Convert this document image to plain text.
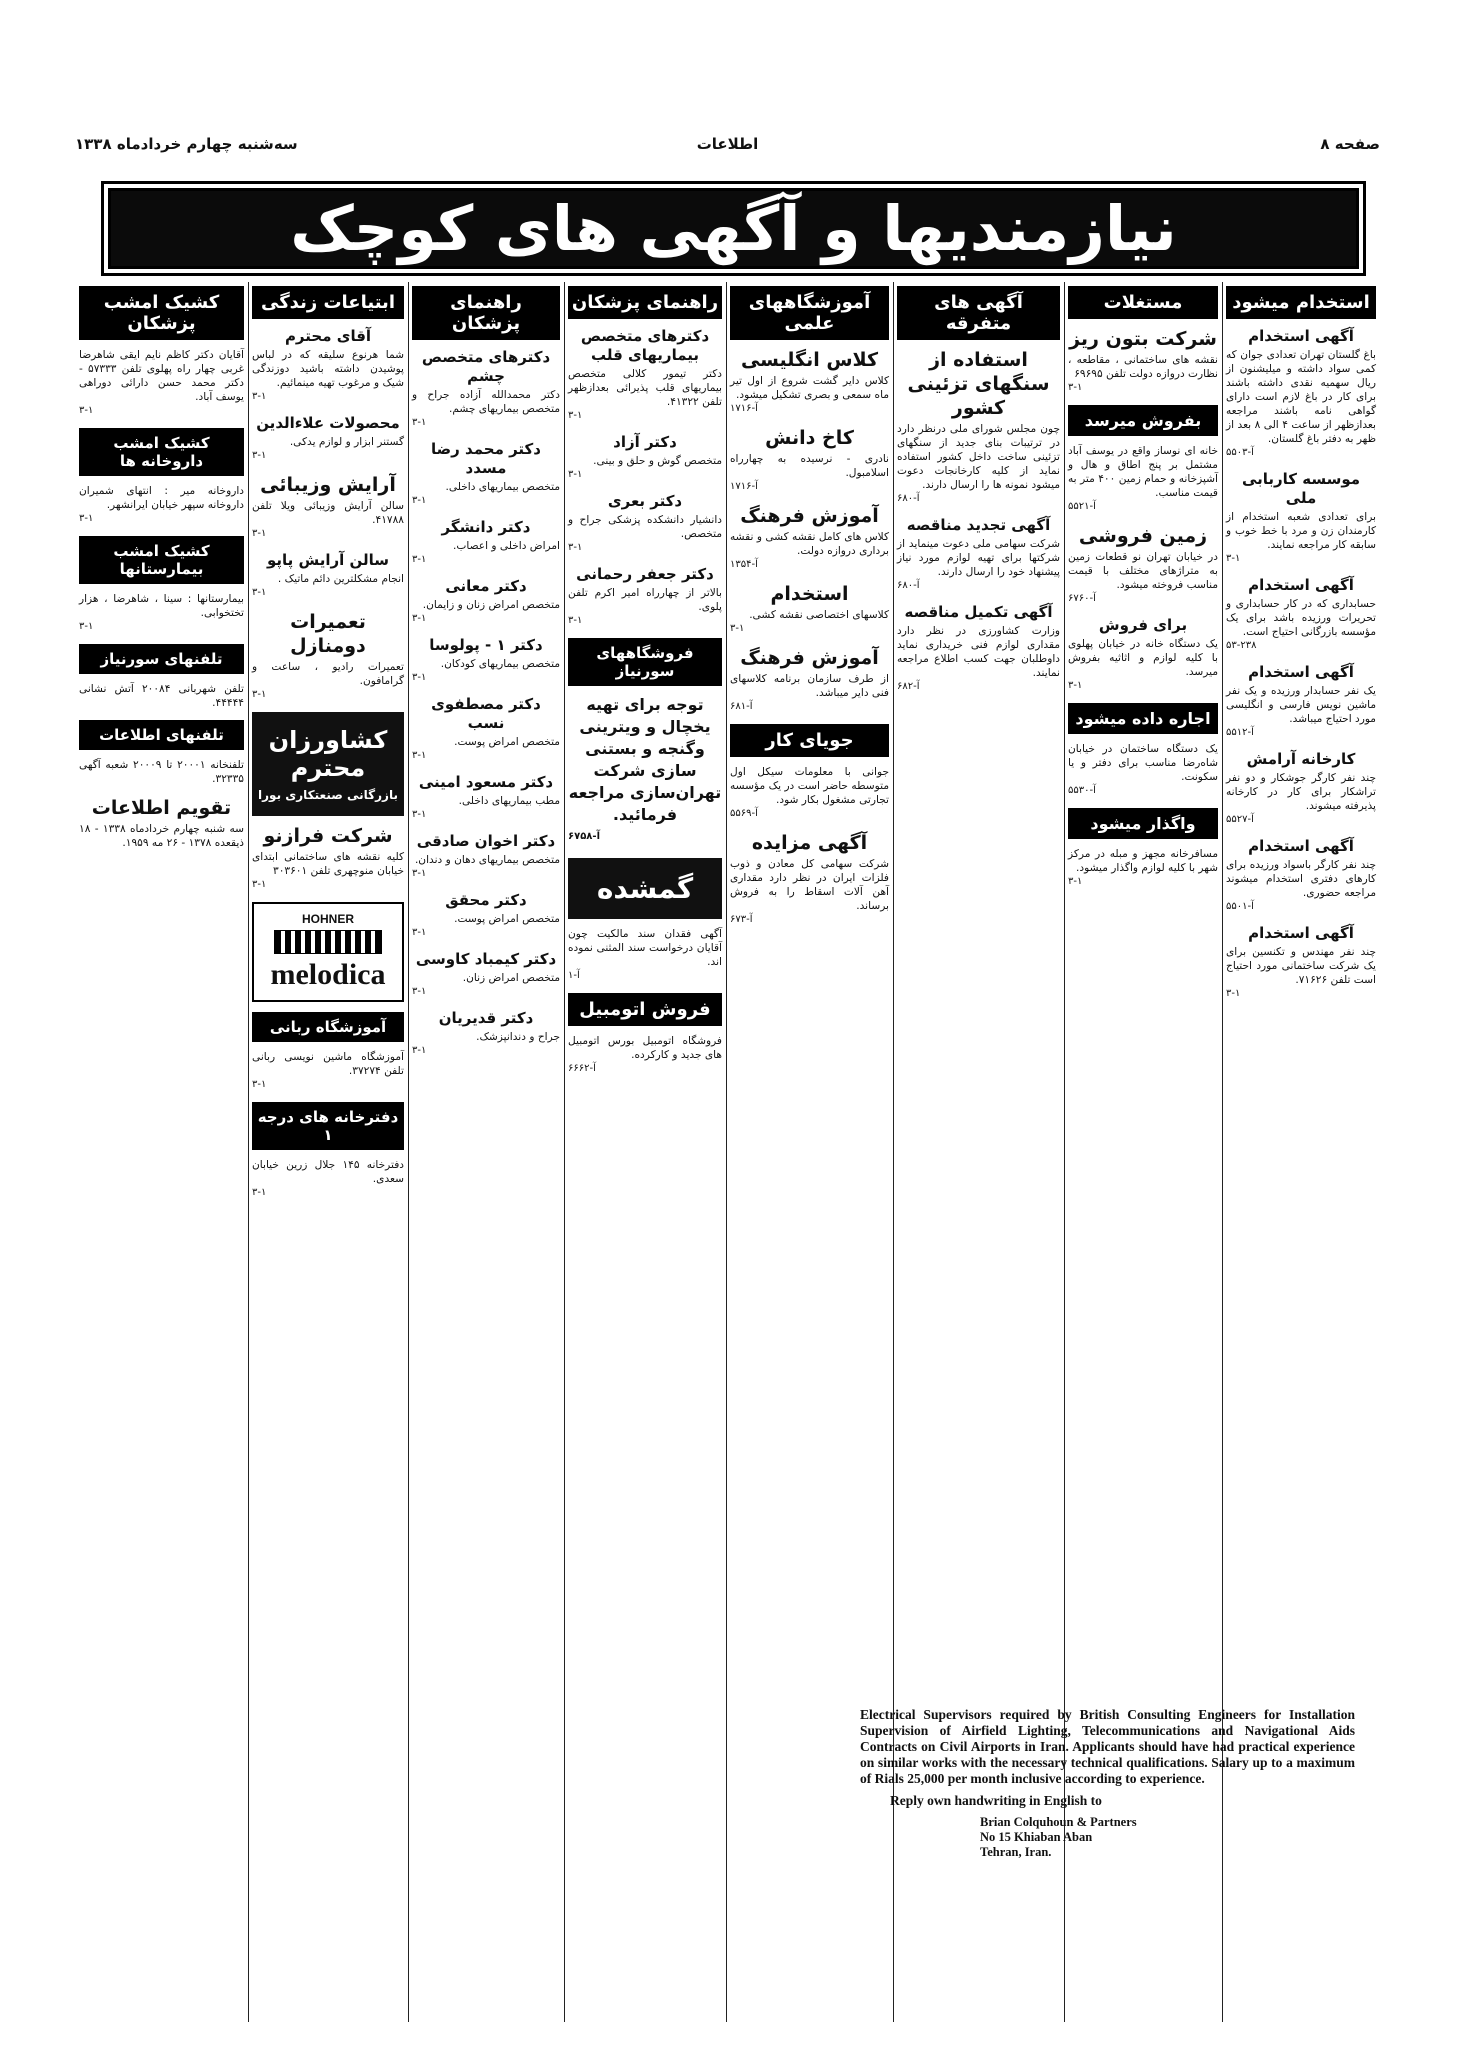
صفحه ۸
اطلاعات
سه‌شنبه چهارم خردادماه ۱۳۳۸
نیازمندیها و آگهی های کوچک
استخدام میشود
آگهی استخدام
باغ گلستان تهران تعدادی جوان که کمی سواد داشته و میلیشنون از ریال سهمیه نقدی داشته باشند برای کار در باغ لازم است دارای گواهی نامه باشند مراجعه بعدازظهر از ساعت ۴ الی ۸ بعد از ظهر به دفتر باغ گلستان.
آ-۵۵۰۳
موسسه کاربابی ملی
برای تعدادی شعبه استخدام از کارمندان زن و مرد با خط خوب و سابقه کار مراجعه نمایند.
۳-۱
آگهی استخدام
حسابداری که در کار حسابداری و تحریرات ورزیده باشد برای یک مؤسسه بازرگانی احتیاج است.
۵۳-۲۳۸
آگهی استخدام
یک نفر حسابدار ورزیده و یک نفر ماشین نویس فارسی و انگلیسی مورد احتیاج میباشد.
آ-۵۵۱۲
کارخانه آرامش
چند نفر کارگر جوشکار و دو نفر تراشکار برای کار در کارخانه پذیرفته میشوند.
آ-۵۵۲۷
آگهی استخدام
چند نفر کارگر باسواد ورزیده برای کارهای دفتری استخدام میشوند مراجعه حضوری.
آ-۵۵۰۱
آگهی استخدام
چند نفر مهندس و تکنسین برای یک شرکت ساختمانی مورد احتیاج است تلفن ۷۱۶۲۶.
۳-۱
مستغلات
شرکت بتون ریز
نقشه های ساختمانی ، مقاطعه ، نظارت دروازه دولت تلفن ۶۹۶۹۵
۳-۱
بفروش میرسد
خانه ای نوساز واقع در یوسف آباد مشتمل بر پنج اطاق و هال و آشپزخانه و حمام زمین ۴۰۰ متر به قیمت مناسب.
آ-۵۵۲۱
زمین فروشی
در خیابان تهران نو قطعات زمین به متراژهای مختلف با قیمت مناسب فروخته میشود.
آ-۶۷۶۰
برای فروش
یک دستگاه خانه در خیابان پهلوی با کلیه لوازم و اثاثیه بفروش میرسد.
۳-۱
اجاره داده میشود
یک دستگاه ساختمان در خیابان شاه‌رضا مناسب برای دفتر و یا سکونت.
آ-۵۵۳۰
واگذار میشود
مسافرخانه مجهز و مبله در مرکز شهر با کلیه لوازم واگذار میشود.
۳-۱
آگهی های متفرقه
استفاده از سنگهای تزئینی کشور
چون مجلس شورای ملی درنظر دارد در ترتیبات بنای جدید از سنگهای تزئینی ساخت داخل کشور استفاده نماید از کلیه کارخانجات دعوت میشود نمونه ها را ارسال دارند.
آ-۶۸۰
آگهی تجدید مناقصه
شرکت سهامی ملی دعوت مینماید از شرکتها برای تهیه لوازم مورد نیاز پیشنهاد خود را ارسال دارند.
آ-۶۸۰
آگهی تکمیل مناقصه
وزارت کشاورزی در نظر دارد مقداری لوازم فنی خریداری نماید داوطلبان جهت کسب اطلاع مراجعه نمایند.
آ-۶۸۲
آموزشگاههای علمی
کلاس انگلیسی
کلاس دایر گشت شروع از اول تیر ماه سمعی و بصری تشکیل میشود.
آ-۱۷۱۶
کاخ دانش
نادری - نرسیده به چهارراه اسلامبول.
آ-۱۷۱۶
آموزش فرهنگ
کلاس های کامل نقشه کشی و نقشه برداری دروازه دولت.
آ-۱۳۵۴
استخدام
کلاسهای اختصاصی نقشه کشی.
۳-۱
آموزش فرهنگ
از طرف سازمان برنامه کلاسهای فنی دایر میباشد.
آ-۶۸۱
جویای کار
جوانی با معلومات سیکل اول متوسطه حاضر است در یک مؤسسه تجارتی مشغول بکار شود.
آ-۵۵۶۹
آگهی مزایده
شرکت سهامی کل معادن و ذوب فلزات ایران در نظر دارد مقداری آهن آلات اسقاط را به فروش برساند.
آ-۶۷۳
راهنمای پزشکان
دکترهای متخصص بیماریهای قلب
دکتر تیمور کلالی متخصص بیماریهای قلب پذیرائی بعدازظهر تلفن ۴۱۳۲۲.
۳-۱
دکتر آزاد
متخصص گوش و حلق و بینی.
۳-۱
دکتر بعری
دانشیار دانشکده پزشکی جراح و متخصص.
۳-۱
دکتر جعفر رحمانی
بالاتر از چهارراه امیر اکرم تلفن پلوی.
۳-۱
فروشگاههای سورنیاز
توجه برای تهیه یخچال و ویترینی وگنجه و بستنی سازی شرکت تهران‌سازی مراجعه فرمائید.
آ-۶۷۵۸
گمشده
آگهی فقدان سند مالکیت چون آقایان درخواست سند المثنی نموده اند.
آ-۱
فروش اتومبیل
فروشگاه اتومبیل بورس اتومبیل های جدید و کارکرده.
آ-۶۶۶۲
راهنمای پزشکان
دکترهای متخصص چشم
دکتر محمدالله آزاده جراح و متخصص بیماریهای چشم.
۳-۱
دکتر محمد رضا مسدد
متخصص بیماریهای داخلی.
۳-۱
دکتر دانشگر
امراض داخلی و اعصاب.
۳-۱
دکتر معانی
متخصص امراض زنان و زایمان.
۳-۱
دکتر ۱ - پولوسا
متخصص بیماریهای کودکان.
۳-۱
دکتر مصطفوی نسب
متخصص امراض پوست.
۳-۱
دکتر مسعود امینی
مطب بیماریهای داخلی.
۳-۱
دکتر اخوان صادقی
متخصص بیماریهای دهان و دندان.
۳-۱
دکتر محقق
متخصص امراض پوست.
۳-۱
دکتر کیمباد کاوسی
متخصص امراض زنان.
۳-۱
دکتر قدیریان
جراح و دندانپزشک.
۳-۱
ابتیاعات زندگی
آقای محترم
شما هرنوع سلیقه که در لباس پوشیدن داشته باشید دوزندگی شیک و مرغوب تهیه مینمائیم.
۳-۱
محصولات علاءالدین
گستنر ابزار و لوازم یدکی.
۳-۱
آرایش وزیبائی
سالن آرایش وزیبائی ویلا تلفن ۴۱۷۸۸.
۳-۱
سالن آرایش پاپو
انجام مشکلترین دائم ماتیک .
۳-۱
تعمیرات دومنازل
تعمیرات رادیو ، ساعت و گرامافون.
۳-۱
کشاورزان محترم
بازرگانی صنعتکاری بورا
شرکت فرازنو
کلیه نقشه های ساختمانی ابتدای خیابان منوچهری تلفن ۳۰۳۶۰۱
۳-۱
HOHNER
melodica
آموزشگاه ربانی
آموزشگاه ماشین نویسی ربانی تلفن ۳۷۲۷۴.
۳-۱
دفترخانه های درجه ۱
دفترخانه ۱۴۵ جلال زرین خیابان سعدی.
۳-۱
کشیک امشب پزشکان
آقایان دکتر کاظم نایم ایقی شاهرضا غربی چهار راه پهلوی تلفن ۵۷۳۳۳ - دکتر محمد حسن دارائی دوراهی یوسف آباد.
۳-۱
کشیک امشب داروخانه ها
داروخانه میر : انتهای شمیران داروخانه سپهر خیابان ایرانشهر.
۳-۱
کشیک امشب بیمارستانها
بیمارستانها : سینا ، شاهرضا ، هزار تختخوابی.
۳-۱
تلفنهای سورنیاز
تلفن شهربانی ۲۰۰۸۴ آتش نشانی ۴۴۴۴۴.
تلفنهای اطلاعات
تلفنخانه ۲۰۰۰۱ تا ۲۰۰۰۹ شعبه آگهی ۳۲۳۳۵.
تقویم اطلاعات
سه شنبه چهارم خردادماه ۱۳۳۸ - ۱۸ ذیقعده ۱۳۷۸ - ۲۶ مه ۱۹۵۹.

Electrical Supervisors required by British Consulting Engineers for Installation Supervision of Airfield Lighting, Telecommunications and Navigational Aids Contracts on Civil Airports in Iran. Applicants should have had practical experience on similar works with the necessary technical qualifications. Salary up to a maximum of Rials 25,000 per month inclusive according to experience.

Reply own handwriting in English to

Brian Colquhoun & Partners
No 15 Khiaban Aban
Tehran, Iran.
